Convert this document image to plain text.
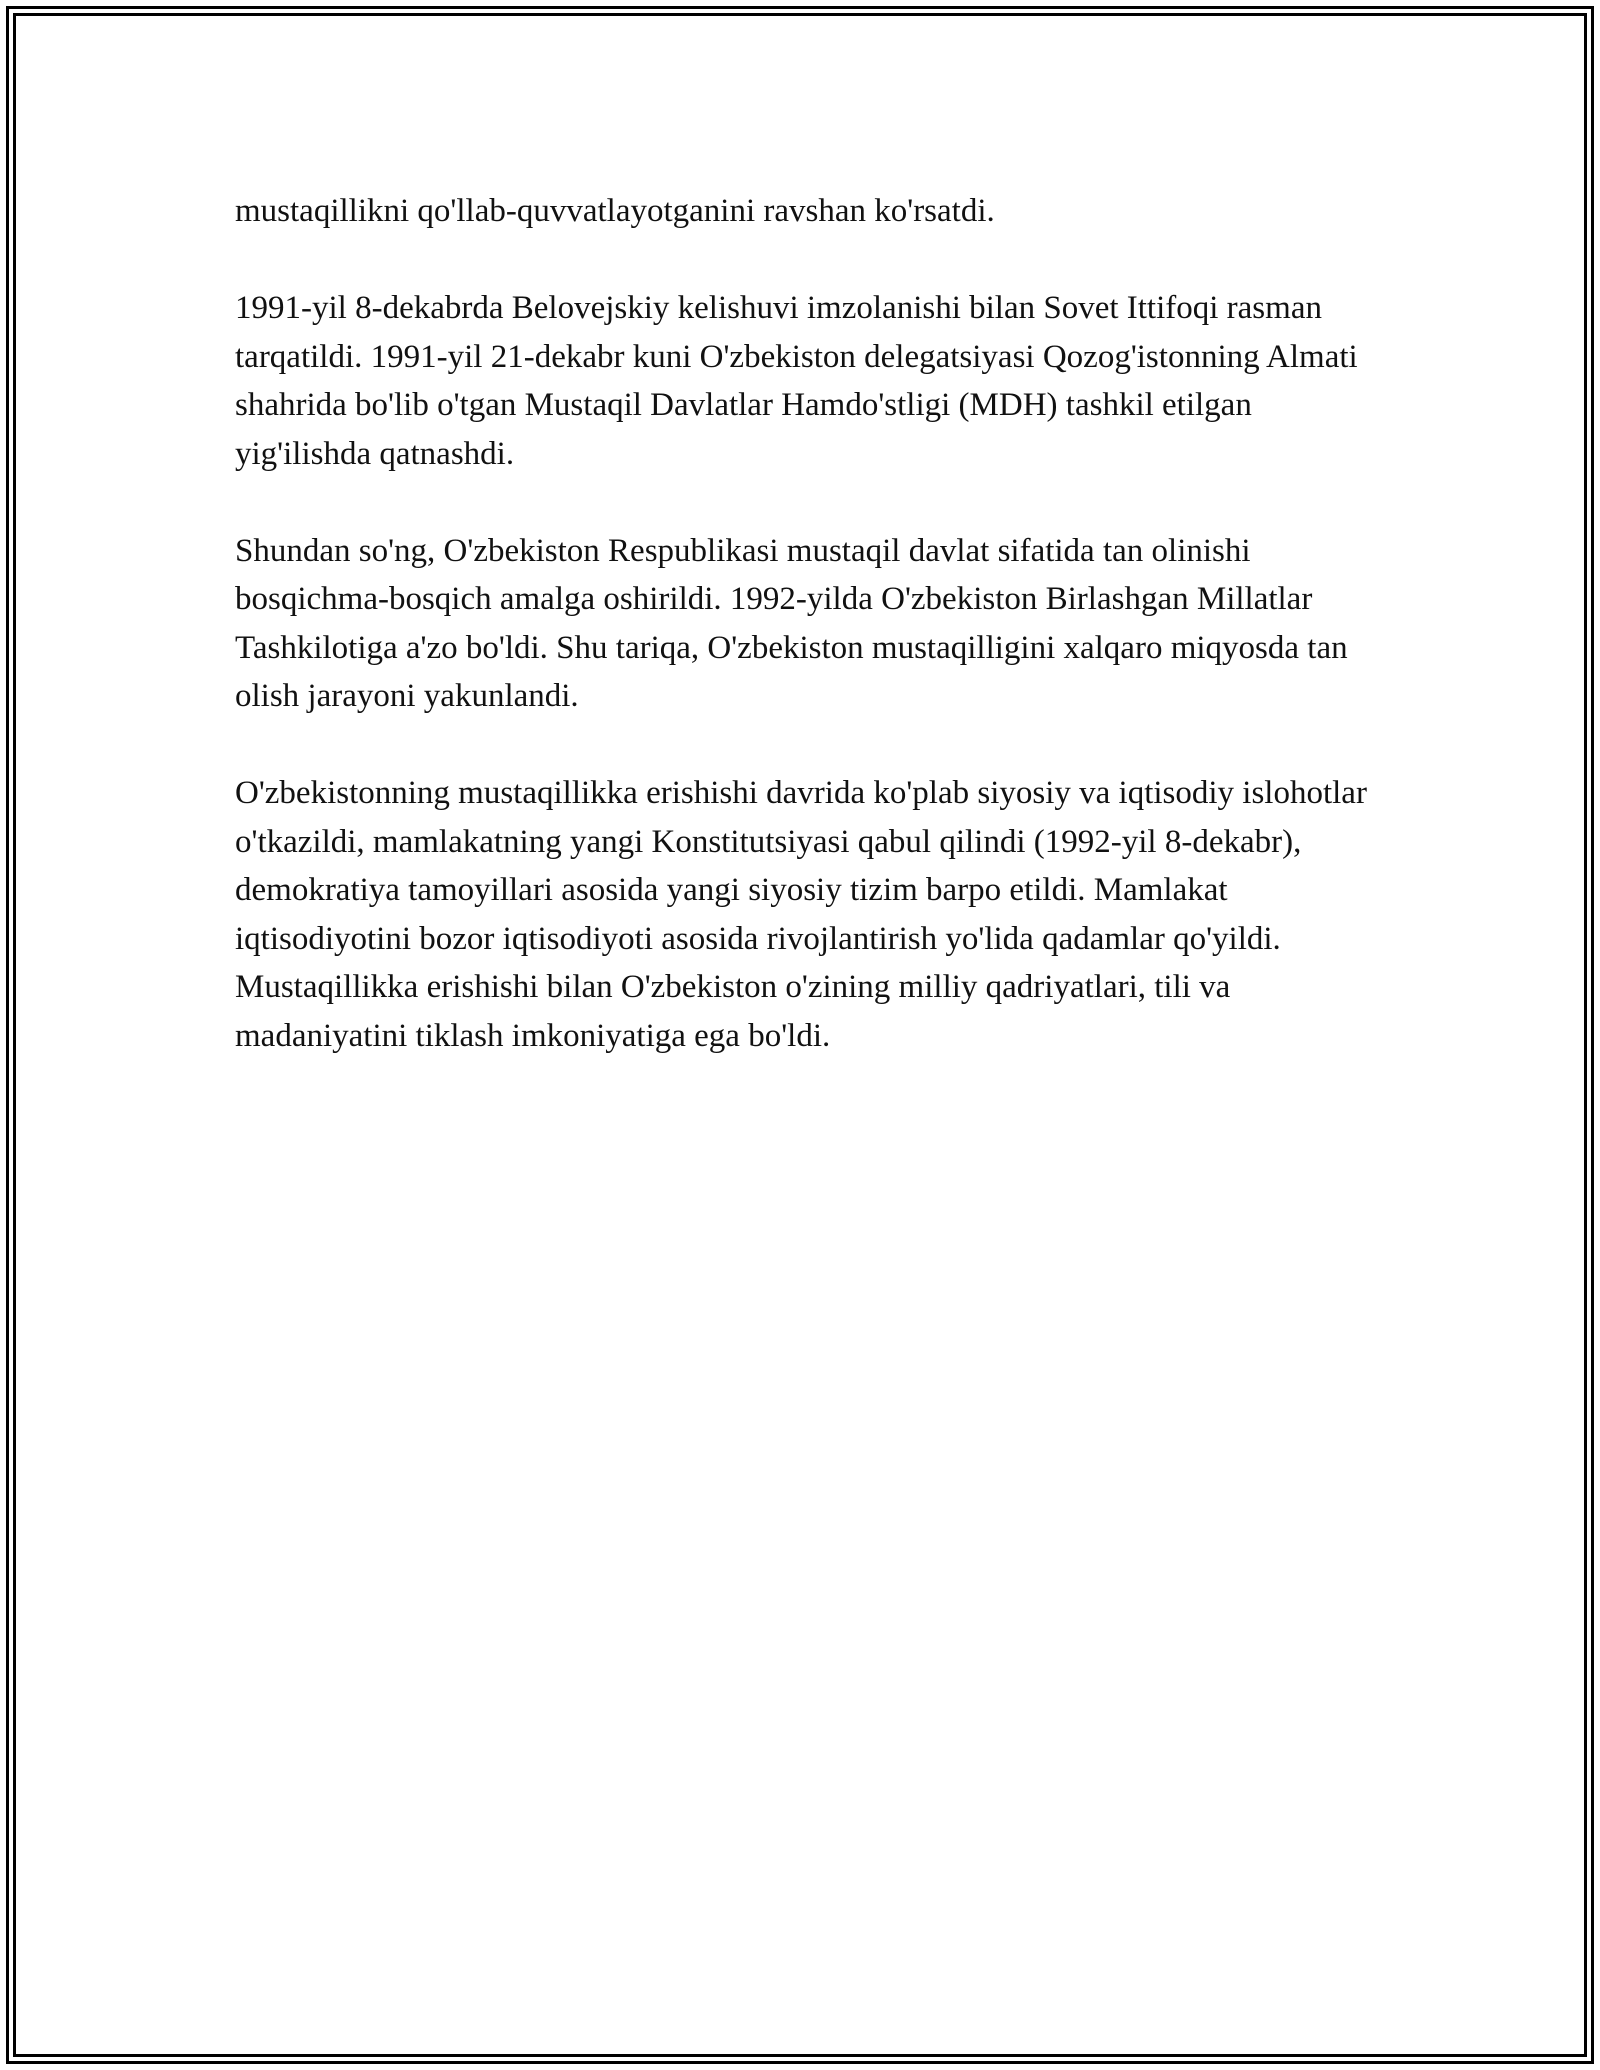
mustaqillikni qo'llab-quvvatlayotganini ravshan ko'rsatdi.

1991-yil 8-dekabrda Belovejskiy kelishuvi imzolanishi bilan Sovet Ittifoqi rasman tarqatildi. 1991-yil 21-dekabr kuni O'zbekiston delegatsiyasi Qozog'istonning Almati shahrida bo'lib o'tgan Mustaqil Davlatlar Hamdo'stligi (MDH) tashkil etilgan yig'ilishda qatnashdi.

Shundan so'ng, O'zbekiston Respublikasi mustaqil davlat sifatida tan olinishi bosqichma-bosqich amalga oshirildi. 1992-yilda O'zbekiston Birlashgan Millatlar Tashkilotiga a'zo bo'ldi. Shu tariqa, O'zbekiston mustaqilligini xalqaro miqyosda tan olish jarayoni yakunlandi.

O'zbekistonning mustaqillikka erishishi davrida ko'plab siyosiy va iqtisodiy islohotlar o'tkazildi, mamlakatning yangi Konstitutsiyasi qabul qilindi (1992-yil 8-dekabr), demokratiya tamoyillari asosida yangi siyosiy tizim barpo etildi. Mamlakat iqtisodiyotini bozor iqtisodiyoti asosida rivojlantirish yo'lida qadamlar qo'yildi. Mustaqillikka erishishi bilan O'zbekiston o'zining milliy qadriyatlari, tili va madaniyatini tiklash imkoniyatiga ega bo'ldi.
